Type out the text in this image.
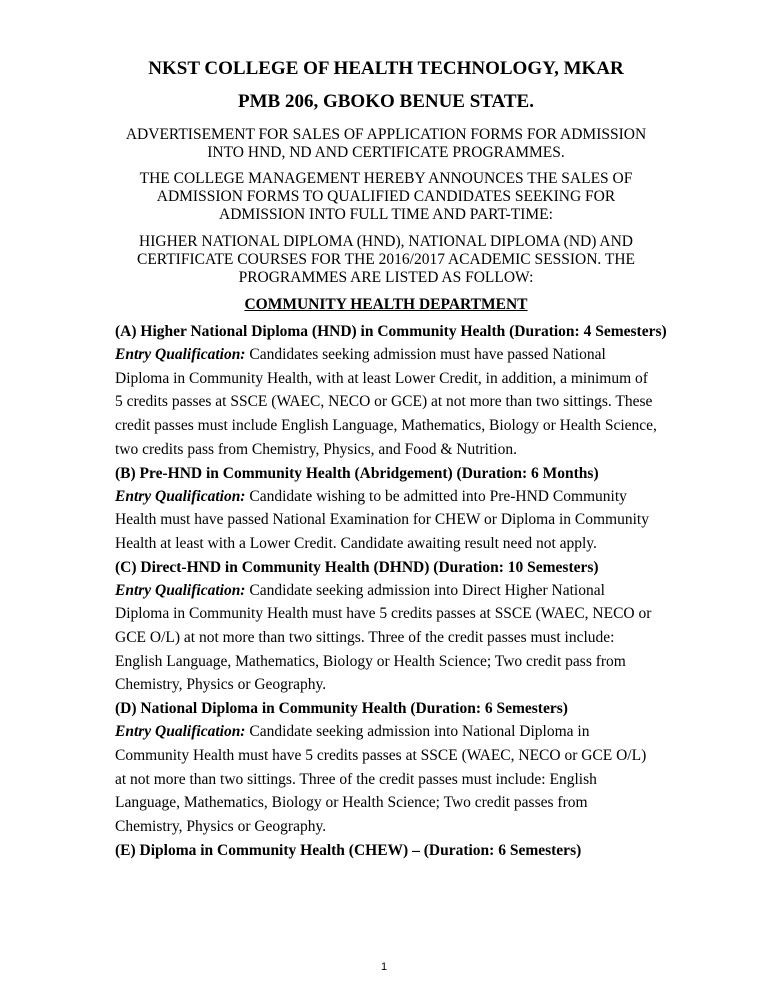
NKST COLLEGE OF HEALTH TECHNOLOGY, MKAR
PMB 206, GBOKO BENUE STATE.
ADVERTISEMENT FOR SALES OF APPLICATION FORMS FOR ADMISSION INTO HND, ND AND CERTIFICATE PROGRAMMES.
THE COLLEGE MANAGEMENT HEREBY ANNOUNCES THE SALES OF ADMISSION FORMS TO QUALIFIED CANDIDATES SEEKING FOR ADMISSION INTO FULL TIME AND PART-TIME:
HIGHER NATIONAL DIPLOMA (HND), NATIONAL DIPLOMA (ND) AND CERTIFICATE COURSES FOR THE 2016/2017 ACADEMIC SESSION. THE PROGRAMMES ARE LISTED AS FOLLOW:
COMMUNITY HEALTH DEPARTMENT
(A) Higher National Diploma (HND) in Community Health (Duration: 4 Semesters)
Entry Qualification: Candidates seeking admission must have passed National Diploma in Community Health, with at least Lower Credit, in addition, a minimum of 5 credits passes at SSCE (WAEC, NECO or GCE) at not more than two sittings. These credit passes must include English Language, Mathematics, Biology or Health Science, two credits pass from Chemistry, Physics, and Food & Nutrition.
(B) Pre-HND in Community Health (Abridgement) (Duration: 6 Months)
Entry Qualification: Candidate wishing to be admitted into Pre-HND Community Health must have passed National Examination for CHEW or Diploma in Community Health at least with a Lower Credit. Candidate awaiting result need not apply.
(C) Direct-HND in Community Health (DHND) (Duration: 10 Semesters)
Entry Qualification: Candidate seeking admission into Direct Higher National Diploma in Community Health must have 5 credits passes at SSCE (WAEC, NECO or GCE O/L) at not more than two sittings. Three of the credit passes must include: English Language, Mathematics, Biology or Health Science; Two credit pass from Chemistry, Physics or Geography.
(D) National Diploma in Community Health (Duration: 6 Semesters)
Entry Qualification: Candidate seeking admission into National Diploma in Community Health must have 5 credits passes at SSCE (WAEC, NECO or GCE O/L) at not more than two sittings. Three of the credit passes must include: English Language, Mathematics, Biology or Health Science; Two credit passes from Chemistry, Physics or Geography.
(E) Diploma in Community Health (CHEW) – (Duration: 6 Semesters)
1
